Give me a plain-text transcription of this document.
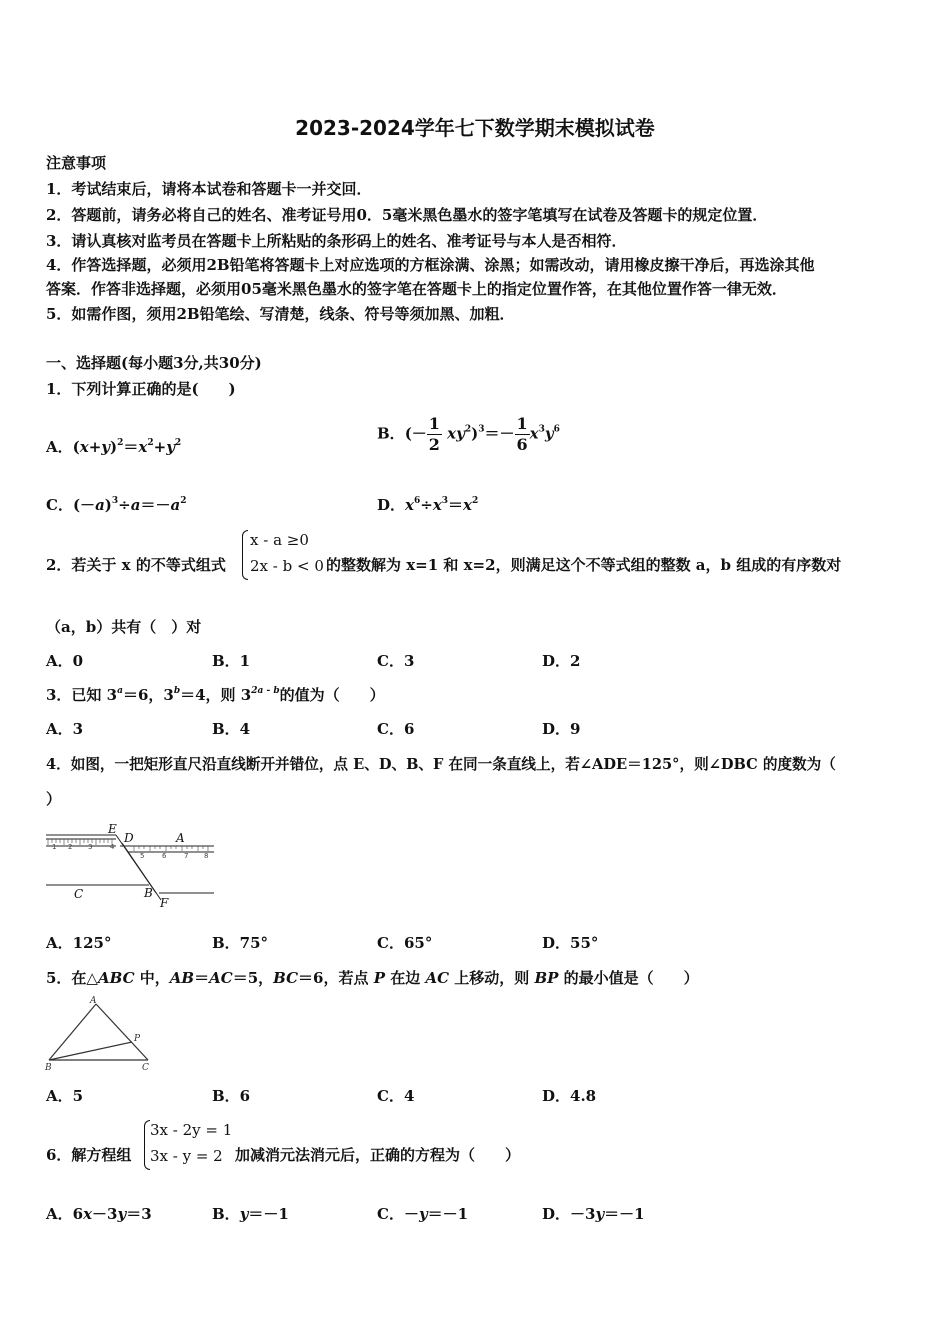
2023-2024学年七下数学期末模拟试卷
注意事项
1．考试结束后，请将本试卷和答题卡一并交回．
2．答题前，请务必将自己的姓名、准考证号用0．5毫米黑色墨水的签字笔填写在试卷及答题卡的规定位置．
3．请认真核对监考员在答题卡上所粘贴的条形码上的姓名、准考证号与本人是否相符．
4．作答选择题，必须用2B铅笔将答题卡上对应选项的方框涂满、涂黑；如需改动，请用橡皮擦干净后，再选涂其他
答案．作答非选择题，必须用05毫米黑色墨水的签字笔在答题卡上的指定位置作答，在其他位置作答一律无效．
5．如需作图，须用2B铅笔绘、写清楚，线条、符号等须加黑、加粗．
一、选择题(每小题3分,共30分)
1．下列计算正确的是(　　)
A．$(x+y)^2=x^2+y^2$
B．(－ $\frac{1}{2} xy^2)^3=- \frac{1}{6} x^3y^6$
C．$(-a)^3\div a=-a^2$	D．$x^6\div x^3=x^2$
2．若关于 x 的不等式组式
x - a ≥0
2x - b < 0 的整数解为 x=1 和 x=2，则满足这个不等式组的整数 a，b 组成的有序数对
（a，b）共有（　）对
A．0	B．1	C．3	D．2
3．已知 $3^a=6$，$3^b=4$，则 $3^{2a - b}$的值为（　　）
A．3	B．4	C．6	D．9
4．如图，一把矩形直尺沿直线断开并错位，点 E、D、B、F 在同一条直线上，若∠ADE＝125°，则∠DBC 的度数为（
）
1 2 3	4
5	6	7 8
E
D	A
C	B
F
A．125°	B．75°	C．65°	D．55°
5．在△ABC 中，AB＝AC＝5，BC＝6，若点 P 在边 AC 上移动，则 BP 的最小值是（　　）
A
P
B	C
A．5	B．6	C．4	D．4.8
6．解方程组
3x - 2y = 1
3x - y = 2 加减消元法消元后，正确的方程为（　　）
A．6x－3y＝3	B．y＝－1	C．－y＝－1	D．－3y＝－1
